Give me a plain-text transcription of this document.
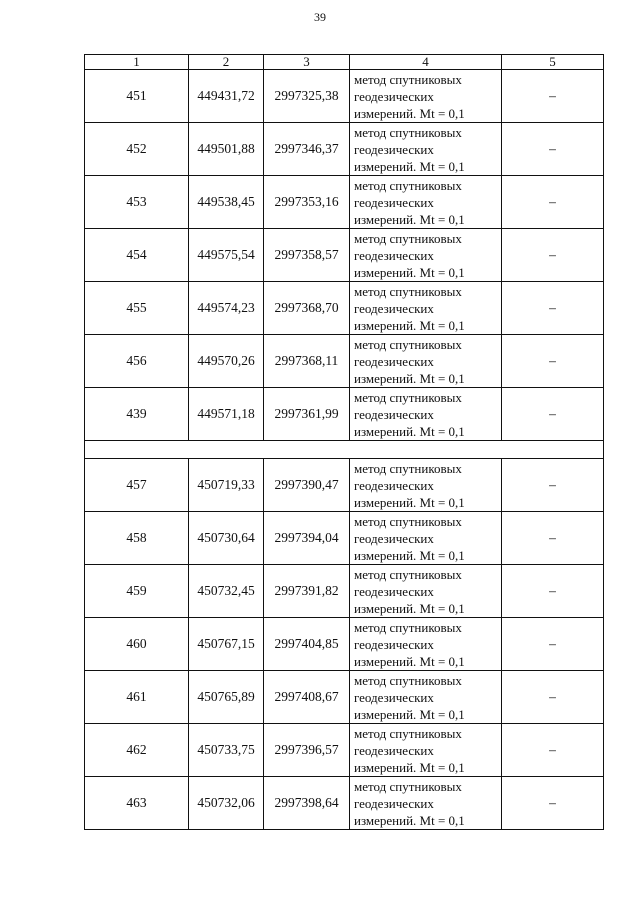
39
1	2	3	4	5
451	449431,72	2997325,38	метод спутниковых
геодезических
измерений. Mt = 0,1	–
452	449501,88	2997346,37	метод спутниковых
геодезических
измерений. Mt = 0,1	–
453	449538,45	2997353,16	метод спутниковых
геодезических
измерений. Mt = 0,1	–
454	449575,54	2997358,57	метод спутниковых
геодезических
измерений. Mt = 0,1	–
455	449574,23	2997368,70	метод спутниковых
геодезических
измерений. Mt = 0,1	–
456	449570,26	2997368,11	метод спутниковых
геодезических
измерений. Mt = 0,1	–
439	449571,18	2997361,99	метод спутниковых
геодезических
измерений. Mt = 0,1	–

457	450719,33	2997390,47	метод спутниковых
геодезических
измерений. Mt = 0,1	–
458	450730,64	2997394,04	метод спутниковых
геодезических
измерений. Mt = 0,1	–
459	450732,45	2997391,82	метод спутниковых
геодезических
измерений. Mt = 0,1	–
460	450767,15	2997404,85	метод спутниковых
геодезических
измерений. Mt = 0,1	–
461	450765,89	2997408,67	метод спутниковых
геодезических
измерений. Mt = 0,1	–
462	450733,75	2997396,57	метод спутниковых
геодезических
измерений. Mt = 0,1	–
463	450732,06	2997398,64	метод спутниковых
геодезических
измерений. Mt = 0,1	–
